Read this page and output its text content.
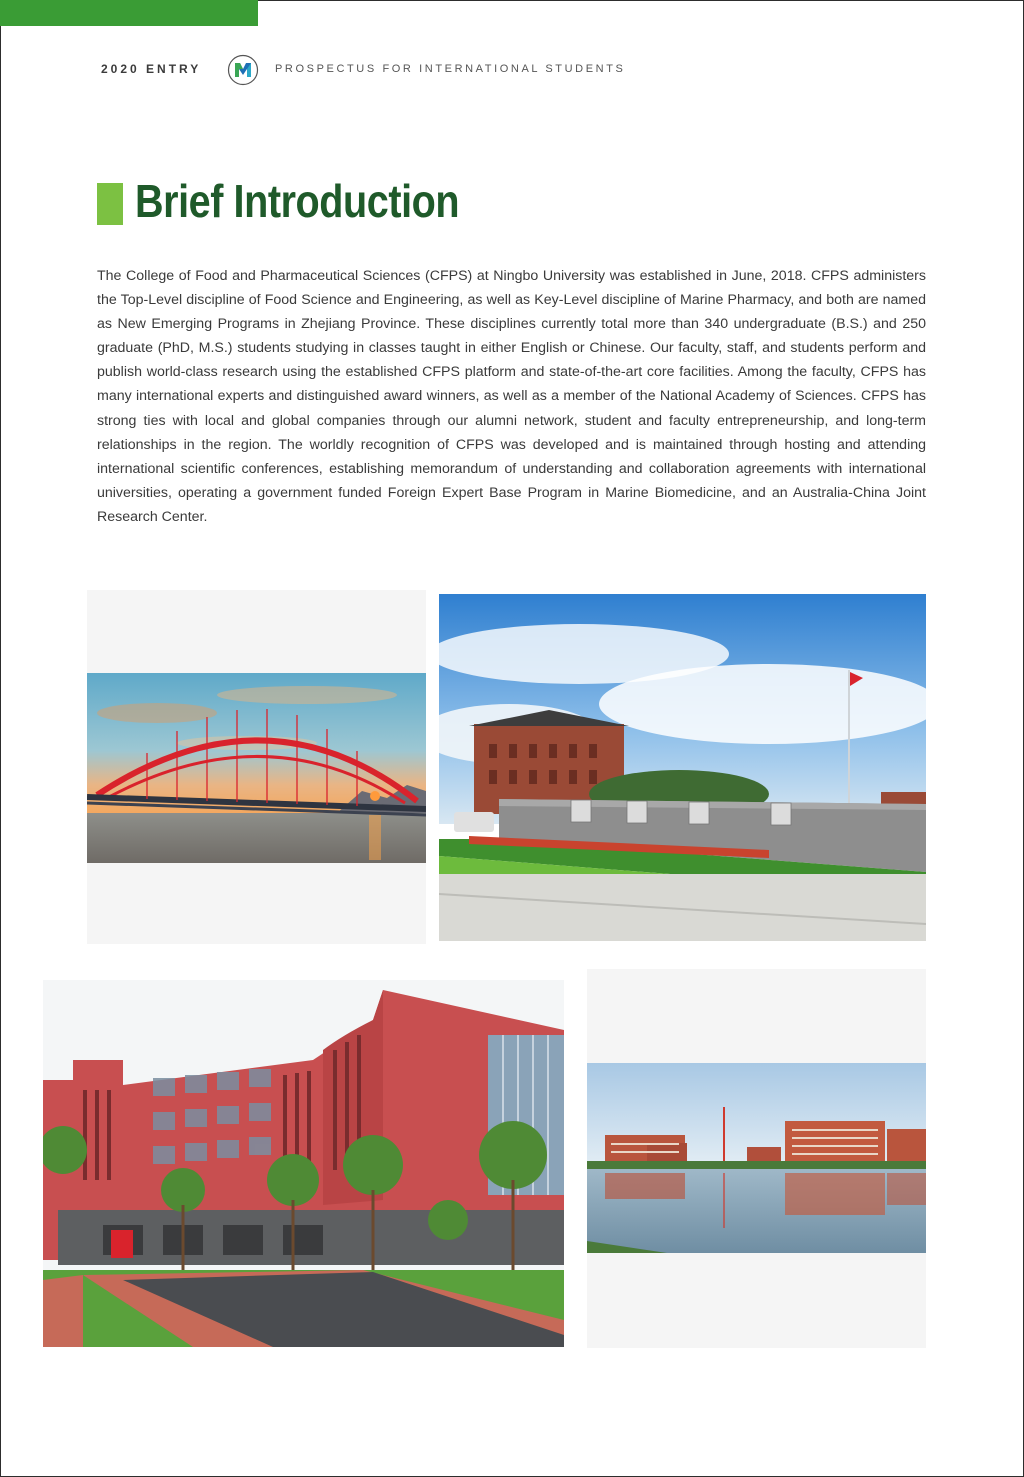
2020 ENTRY	PROSPECTUS FOR INTERNATIONAL STUDENTS
Brief Introduction

The College of Food and Pharmaceutical Sciences (CFPS) at Ningbo University was established in June, 2018. CFPS administers the Top-Level discipline of Food Science and Engineering, as well as Key-Level discipline of Marine Pharmacy, and both are named as New Emerging Programs in Zhejiang Province. These disciplines currently total more than 340 undergraduate (B.S.) and 250 graduate (PhD, M.S.) students studying in classes taught in either English or Chinese. Our faculty, staff, and students perform and publish world-class research using the established CFPS platform and state-of-the-art core facilities. Among the faculty, CFPS has many international experts and distinguished award winners, as well as a member of the National Academy of Sciences. CFPS has strong ties with local and global companies through our alumni network, student and faculty entrepreneurship, and long-term relationships in the region. The worldly recognition of CFPS was developed and is maintained through hosting and attending international scientific conferences, establishing memorandum of understanding and collaboration agreements with international universities, operating a government funded Foreign Expert Base Program in Marine Biomedicine, and an Australia-China Joint Research Center.
